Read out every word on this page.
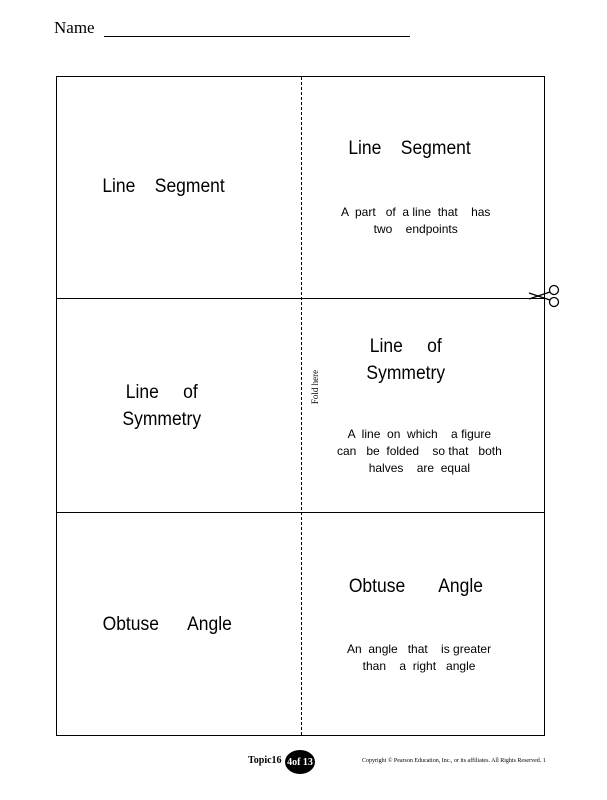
Name
Fold here
Line    Segment
Line    Segment
A  part   of  a line  that    has
two    endpoints
Line     of
Symmetry
Line     of
Symmetry
A  line  on  which    a figure
can   be  folded    so that   both
halves    are  equal
Obtuse      Angle
Obtuse       Angle
An  angle   that    is greater
than    a  right   angle
Topic16 4of 13	Copyright © Pearson Education, Inc., or its affiliates. All Rights Reserved. 1
